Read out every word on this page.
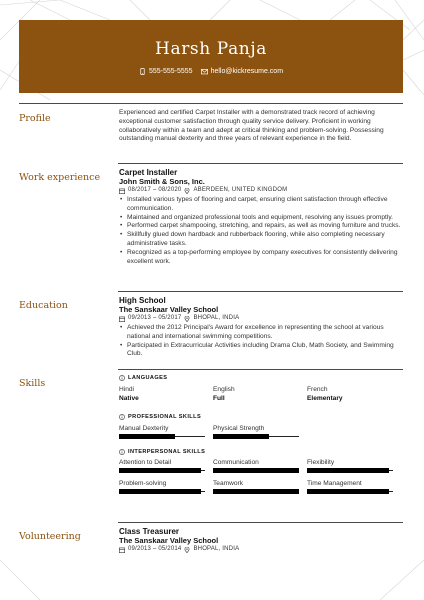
Harsh Panja
555-555-5555	hello@kickresume.com
Profile
Experienced and certified Carpet Installer with a demonstrated track record of achieving exceptional customer satisfaction through quality service delivery. Proficient in working collaboratively within a team and adept at critical thinking and problem-solving. Possessing outstanding manual dexterity and three years of relevant experience in the field.
Work experience Carpet Installer
John Smith & Sons, Inc.
08/2017 – 08/2020 ABERDEEN, UNITED KINGDOM
• Installed various types of flooring and carpet, ensuring client satisfaction through effective communication.
• Maintained and organized professional tools and equipment, resolving any issues promptly.
• Performed carpet shampooing, stretching, and repairs, as well as moving furniture and trucks.
• Skillfully glued down hardback and rubberback flooring, while also completing necessary administrative tasks.
• Recognized as a top-performing employee by company executives for consistently delivering excellent work.
Education	High School
The Sanskaar Valley School
09/2013 – 05/2017 BHOPAL, INDIA
• Achieved the 2012 Principal's Award for excellence in representing the school at various national and international swimming competitions.
• Participated in Extracurricular Activities including Drama Club, Math Society, and Swimming Club.
Skills	LANGUAGES
Hindi
Native
English
Full
French
Elementary
PROFESSIONAL SKILLS
Manual Dexterity	Physical Strength
INTERPERSONAL SKILLS
Attention to Detail	Communication	Flexibility
Problem-solving	Teamwork	Time Management
Volunteering	Class Treasurer
The Sanskaar Valley School
09/2013 – 05/2014 BHOPAL, INDIA
